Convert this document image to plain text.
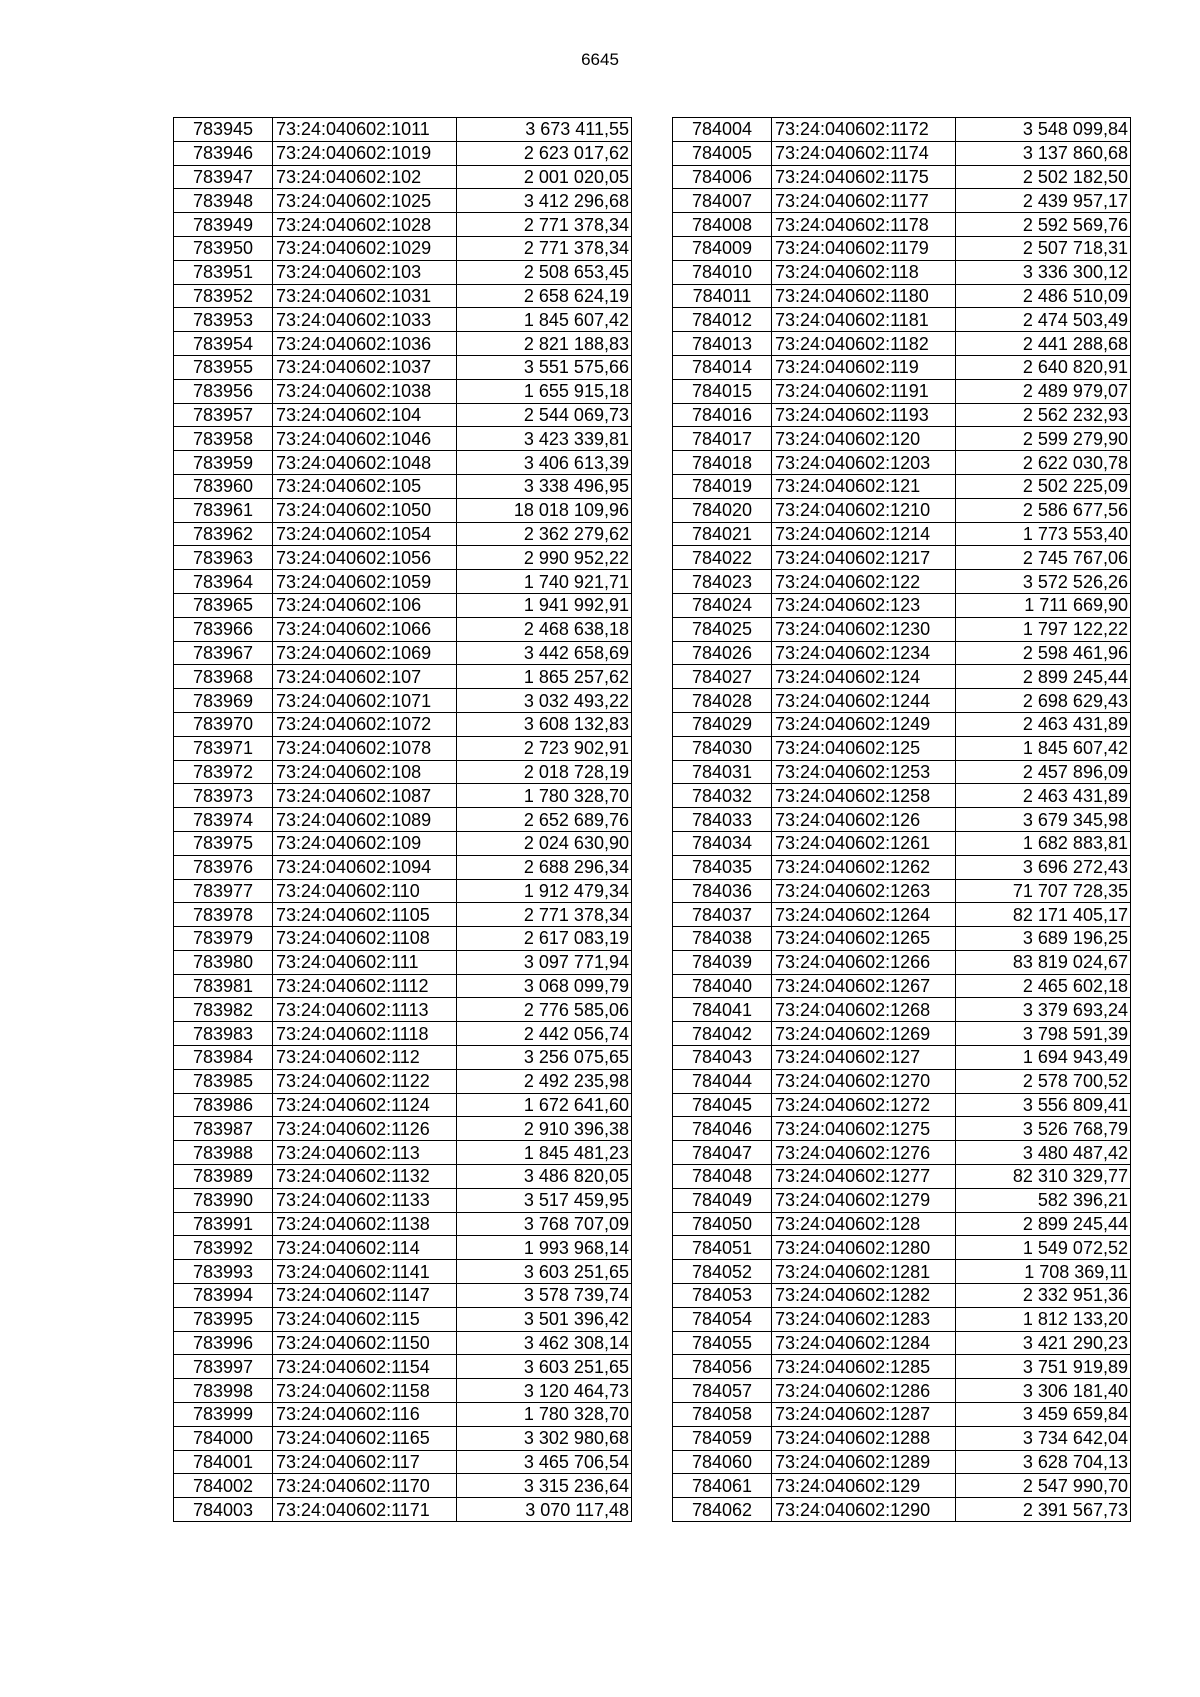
6645
783945	73:24:040602:1011	3 673 411,55
783946	73:24:040602:1019	2 623 017,62
783947	73:24:040602:102	2 001 020,05
783948	73:24:040602:1025	3 412 296,68
783949	73:24:040602:1028	2 771 378,34
783950	73:24:040602:1029	2 771 378,34
783951	73:24:040602:103	2 508 653,45
783952	73:24:040602:1031	2 658 624,19
783953	73:24:040602:1033	1 845 607,42
783954	73:24:040602:1036	2 821 188,83
783955	73:24:040602:1037	3 551 575,66
783956	73:24:040602:1038	1 655 915,18
783957	73:24:040602:104	2 544 069,73
783958	73:24:040602:1046	3 423 339,81
783959	73:24:040602:1048	3 406 613,39
783960	73:24:040602:105	3 338 496,95
783961	73:24:040602:1050	18 018 109,96
783962	73:24:040602:1054	2 362 279,62
783963	73:24:040602:1056	2 990 952,22
783964	73:24:040602:1059	1 740 921,71
783965	73:24:040602:106	1 941 992,91
783966	73:24:040602:1066	2 468 638,18
783967	73:24:040602:1069	3 442 658,69
783968	73:24:040602:107	1 865 257,62
783969	73:24:040602:1071	3 032 493,22
783970	73:24:040602:1072	3 608 132,83
783971	73:24:040602:1078	2 723 902,91
783972	73:24:040602:108	2 018 728,19
783973	73:24:040602:1087	1 780 328,70
783974	73:24:040602:1089	2 652 689,76
783975	73:24:040602:109	2 024 630,90
783976	73:24:040602:1094	2 688 296,34
783977	73:24:040602:110	1 912 479,34
783978	73:24:040602:1105	2 771 378,34
783979	73:24:040602:1108	2 617 083,19
783980	73:24:040602:111	3 097 771,94
783981	73:24:040602:1112	3 068 099,79
783982	73:24:040602:1113	2 776 585,06
783983	73:24:040602:1118	2 442 056,74
783984	73:24:040602:112	3 256 075,65
783985	73:24:040602:1122	2 492 235,98
783986	73:24:040602:1124	1 672 641,60
783987	73:24:040602:1126	2 910 396,38
783988	73:24:040602:113	1 845 481,23
783989	73:24:040602:1132	3 486 820,05
783990	73:24:040602:1133	3 517 459,95
783991	73:24:040602:1138	3 768 707,09
783992	73:24:040602:114	1 993 968,14
783993	73:24:040602:1141	3 603 251,65
783994	73:24:040602:1147	3 578 739,74
783995	73:24:040602:115	3 501 396,42
783996	73:24:040602:1150	3 462 308,14
783997	73:24:040602:1154	3 603 251,65
783998	73:24:040602:1158	3 120 464,73
783999	73:24:040602:116	1 780 328,70
784000	73:24:040602:1165	3 302 980,68
784001	73:24:040602:117	3 465 706,54
784002	73:24:040602:1170	3 315 236,64
784003	73:24:040602:1171	3 070 117,48
784004	73:24:040602:1172	3 548 099,84
784005	73:24:040602:1174	3 137 860,68
784006	73:24:040602:1175	2 502 182,50
784007	73:24:040602:1177	2 439 957,17
784008	73:24:040602:1178	2 592 569,76
784009	73:24:040602:1179	2 507 718,31
784010	73:24:040602:118	3 336 300,12
784011	73:24:040602:1180	2 486 510,09
784012	73:24:040602:1181	2 474 503,49
784013	73:24:040602:1182	2 441 288,68
784014	73:24:040602:119	2 640 820,91
784015	73:24:040602:1191	2 489 979,07
784016	73:24:040602:1193	2 562 232,93
784017	73:24:040602:120	2 599 279,90
784018	73:24:040602:1203	2 622 030,78
784019	73:24:040602:121	2 502 225,09
784020	73:24:040602:1210	2 586 677,56
784021	73:24:040602:1214	1 773 553,40
784022	73:24:040602:1217	2 745 767,06
784023	73:24:040602:122	3 572 526,26
784024	73:24:040602:123	1 711 669,90
784025	73:24:040602:1230	1 797 122,22
784026	73:24:040602:1234	2 598 461,96
784027	73:24:040602:124	2 899 245,44
784028	73:24:040602:1244	2 698 629,43
784029	73:24:040602:1249	2 463 431,89
784030	73:24:040602:125	1 845 607,42
784031	73:24:040602:1253	2 457 896,09
784032	73:24:040602:1258	2 463 431,89
784033	73:24:040602:126	3 679 345,98
784034	73:24:040602:1261	1 682 883,81
784035	73:24:040602:1262	3 696 272,43
784036	73:24:040602:1263	71 707 728,35
784037	73:24:040602:1264	82 171 405,17
784038	73:24:040602:1265	3 689 196,25
784039	73:24:040602:1266	83 819 024,67
784040	73:24:040602:1267	2 465 602,18
784041	73:24:040602:1268	3 379 693,24
784042	73:24:040602:1269	3 798 591,39
784043	73:24:040602:127	1 694 943,49
784044	73:24:040602:1270	2 578 700,52
784045	73:24:040602:1272	3 556 809,41
784046	73:24:040602:1275	3 526 768,79
784047	73:24:040602:1276	3 480 487,42
784048	73:24:040602:1277	82 310 329,77
784049	73:24:040602:1279	582 396,21
784050	73:24:040602:128	2 899 245,44
784051	73:24:040602:1280	1 549 072,52
784052	73:24:040602:1281	1 708 369,11
784053	73:24:040602:1282	2 332 951,36
784054	73:24:040602:1283	1 812 133,20
784055	73:24:040602:1284	3 421 290,23
784056	73:24:040602:1285	3 751 919,89
784057	73:24:040602:1286	3 306 181,40
784058	73:24:040602:1287	3 459 659,84
784059	73:24:040602:1288	3 734 642,04
784060	73:24:040602:1289	3 628 704,13
784061	73:24:040602:129	2 547 990,70
784062	73:24:040602:1290	2 391 567,73
